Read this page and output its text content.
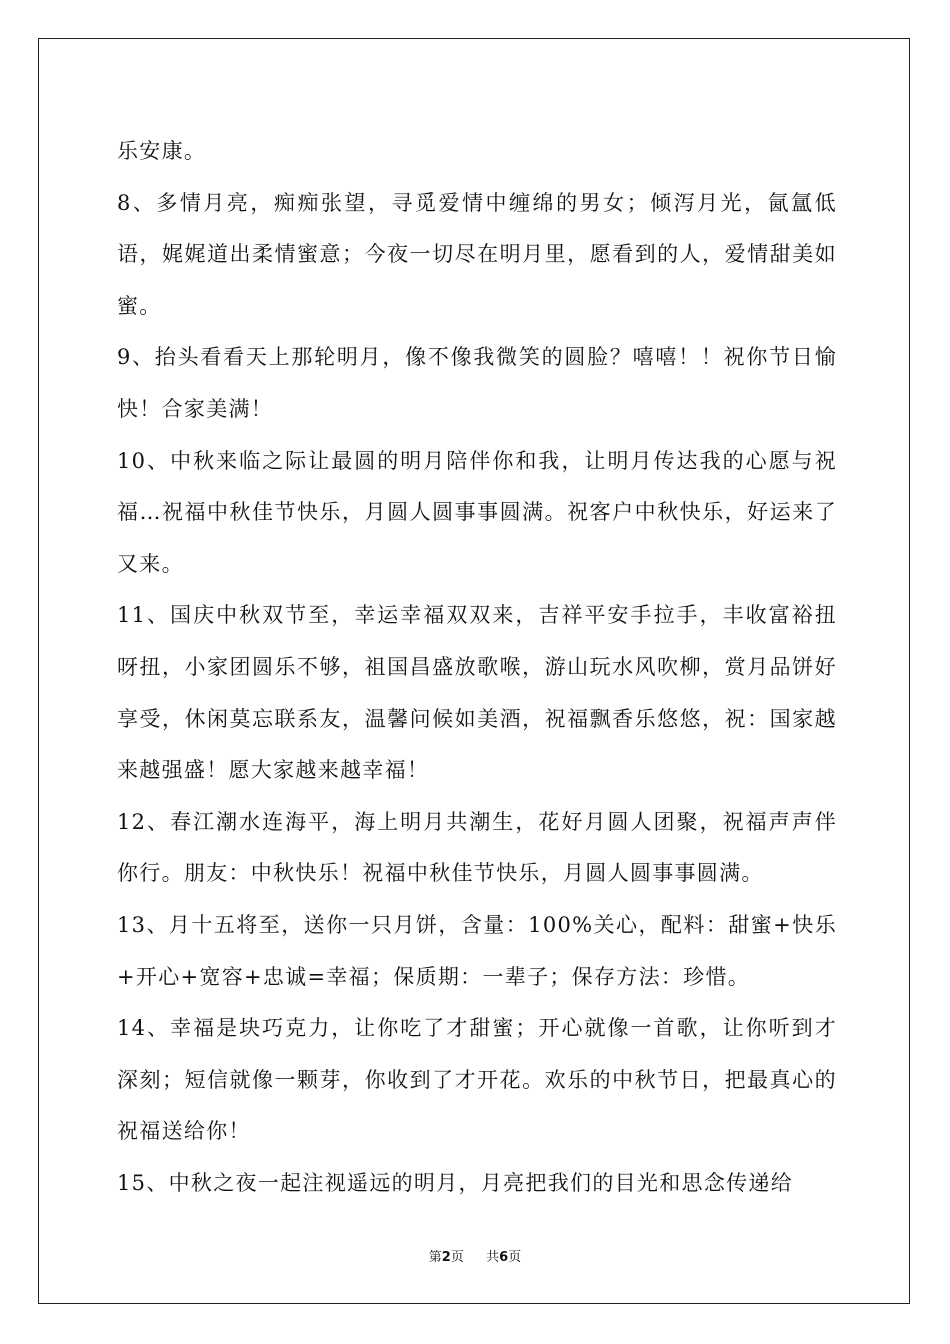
乐安康。

8、多情月亮，痴痴张望，寻觅爱情中缠绵的男女；倾泻月光，氤氲低语，娓娓道出柔情蜜意；今夜一切尽在明月里，愿看到的人，爱情甜美如蜜。

9、抬头看看天上那轮明月，像不像我微笑的圆脸？嘻嘻！！祝你节日愉快！合家美满！

10、中秋来临之际让最圆的明月陪伴你和我，让明月传达我的心愿与祝福…祝福中秋佳节快乐，月圆人圆事事圆满。祝客户中秋快乐，好运来了又来。

11、国庆中秋双节至，幸运幸福双双来，吉祥平安手拉手，丰收富裕扭呀扭，小家团圆乐不够，祖国昌盛放歌喉，游山玩水风吹柳，赏月品饼好享受，休闲莫忘联系友，温馨问候如美酒，祝福飘香乐悠悠，祝：国家越来越强盛！愿大家越来越幸福！

12、春江潮水连海平，海上明月共潮生，花好月圆人团聚，祝福声声伴你行。朋友：中秋快乐！祝福中秋佳节快乐，月圆人圆事事圆满。

13、月十五将至，送你一只月饼，含量：100%关心，配料：甜蜜+快乐+开心+宽容+忠诚=幸福；保质期：一辈子；保存方法：珍惜。

14、幸福是块巧克力，让你吃了才甜蜜；开心就像一首歌，让你听到才深刻；短信就像一颗芽，你收到了才开花。欢乐的中秋节日，把最真心的祝福送给你！

15、中秋之夜一起注视遥远的明月，月亮把我们的目光和思念传递给

第2页 共6页
